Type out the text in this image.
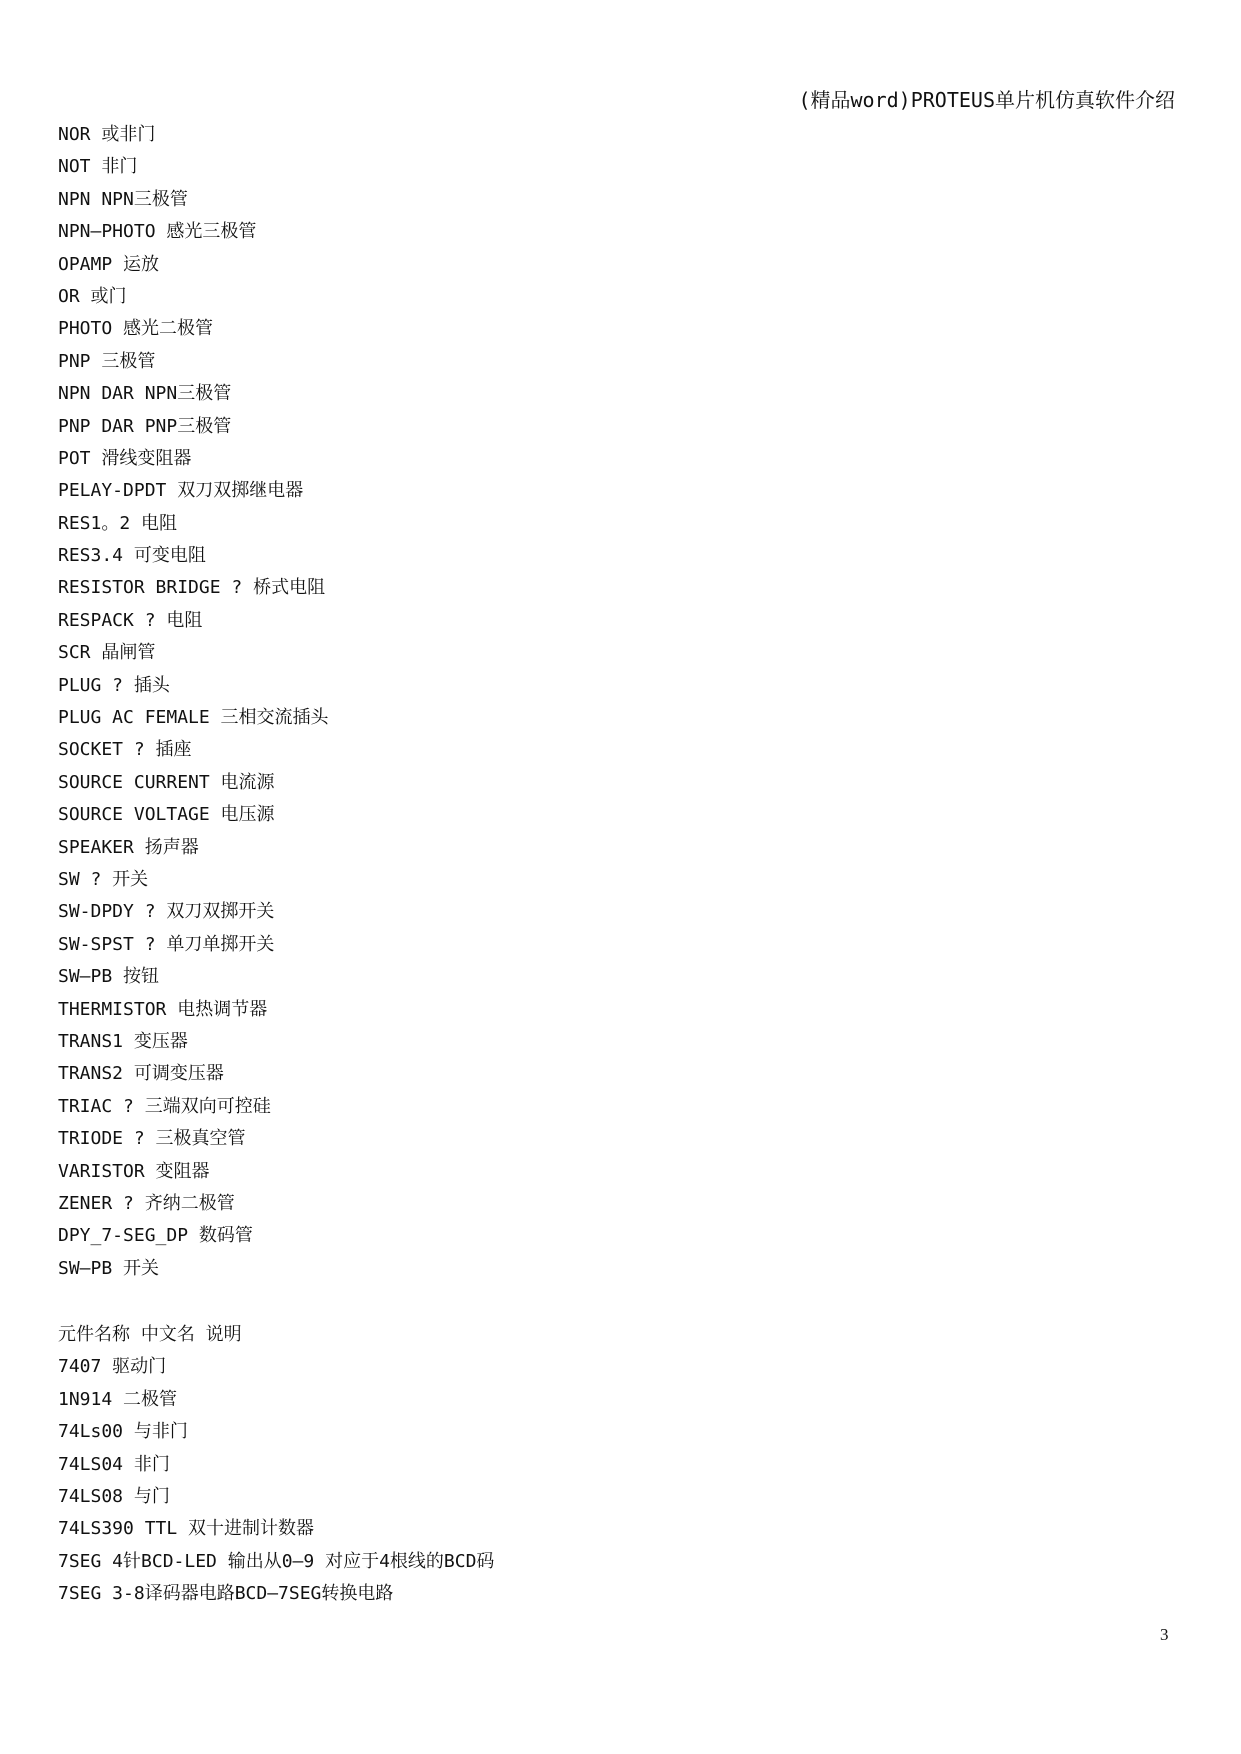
(精品word)PROTEUS单片机仿真软件介绍
NOR 或非门
NOT 非门
NPN NPN三极管
NPN—PHOTO 感光三极管
OPAMP 运放
OR 或门
PHOTO 感光二极管
PNP 三极管
NPN DAR NPN三极管
PNP DAR PNP三极管
POT 滑线变阻器
PELAY-DPDT 双刀双掷继电器
RES1。2 电阻
RES3.4 可变电阻
RESISTOR BRIDGE ? 桥式电阻
RESPACK ? 电阻
SCR 晶闸管
PLUG ? 插头
PLUG AC FEMALE 三相交流插头
SOCKET ? 插座
SOURCE CURRENT 电流源
SOURCE VOLTAGE 电压源
SPEAKER 扬声器
SW ? 开关
SW-DPDY ? 双刀双掷开关
SW-SPST ? 单刀单掷开关
SW—PB 按钮
THERMISTOR 电热调节器
TRANS1 变压器
TRANS2 可调变压器
TRIAC ? 三端双向可控硅
TRIODE ? 三极真空管
VARISTOR 变阻器
ZENER ? 齐纳二极管
DPY_7-SEG_DP 数码管
SW—PB 开关
元件名称 中文名 说明
7407 驱动门
1N914 二极管
74Ls00 与非门
74LS04 非门
74LS08 与门
74LS390 TTL 双十进制计数器
7SEG 4针BCD-LED 输出从0—9 对应于4根线的BCD码
7SEG 3-8译码器电路BCD—7SEG转换电路
3
